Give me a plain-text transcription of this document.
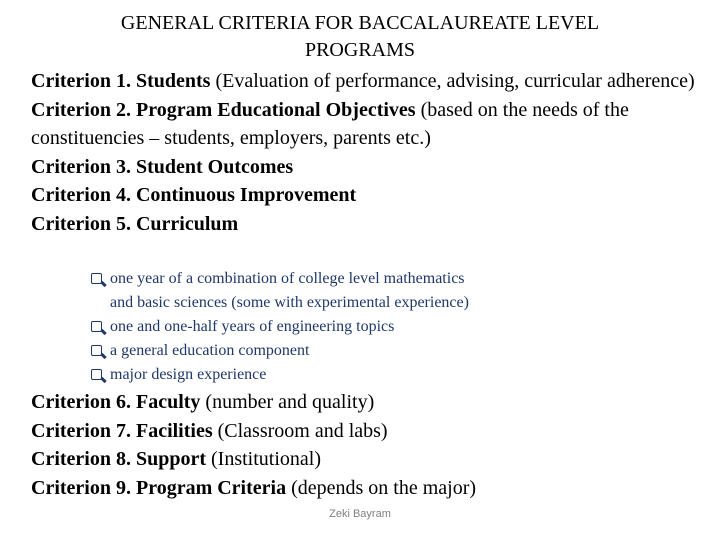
GENERAL CRITERIA FOR BACCALAUREATE LEVEL
PROGRAMS
Criterion 1. Students (Evaluation of performance, advising, curricular adherence)
Criterion 2. Program Educational Objectives (based on the needs of the constituencies – students, employers, parents etc.)
Criterion 3. Student Outcomes
Criterion 4. Continuous Improvement
Criterion 5. Curriculum
one year of a combination of college level mathematics
and basic sciences (some with experimental experience)
one and one-half years of engineering topics
a general education component
major design experience
Criterion 6. Faculty (number and quality)
Criterion 7. Facilities (Classroom and labs)
Criterion 8. Support (Institutional)
Criterion 9. Program Criteria (depends on the major)
Zeki Bayram
